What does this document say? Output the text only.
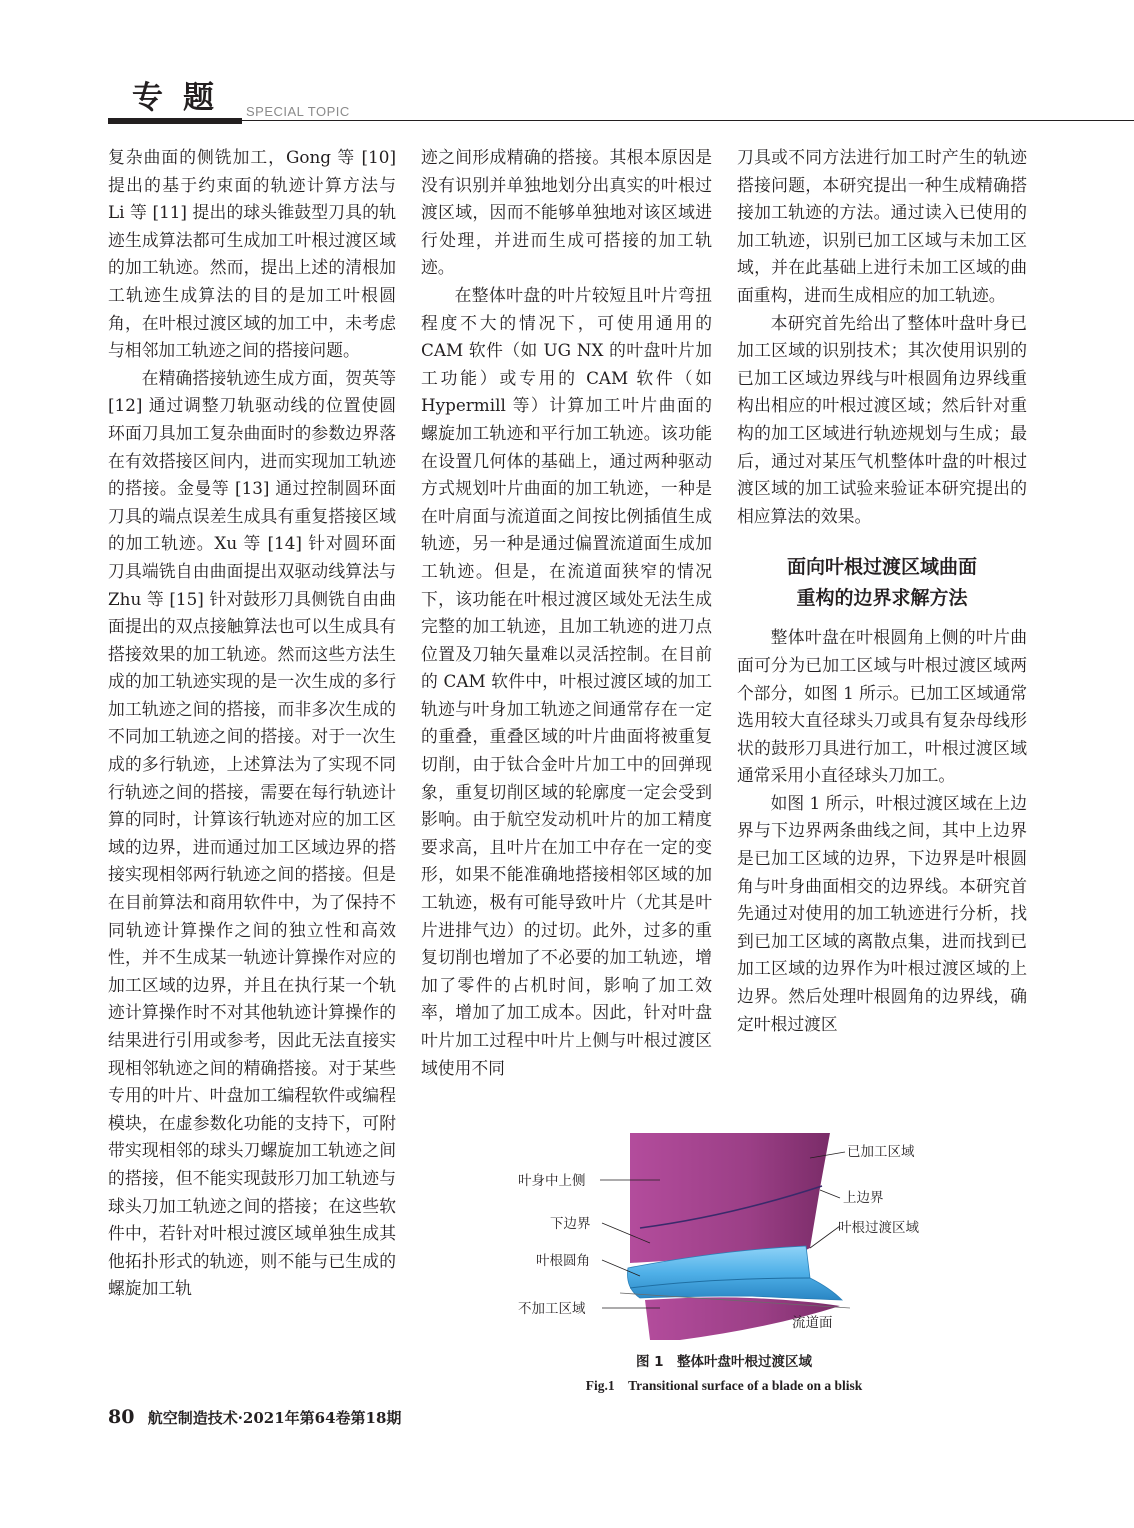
专题 SPECIAL TOPIC

复杂曲面的侧铣加工，Gong 等 [10] 提出的基于约束面的轨迹计算方法与 Li 等 [11] 提出的球头锥鼓型刀具的轨迹生成算法都可生成加工叶根过渡区域的加工轨迹。然而，提出上述的清根加工轨迹生成算法的目的是加工叶根圆角，在叶根过渡区域的加工中，未考虑与相邻加工轨迹之间的搭接问题。

在精确搭接轨迹生成方面，贺英等 [12] 通过调整刀轨驱动线的位置使圆环面刀具加工复杂曲面时的参数边界落在有效搭接区间内，进而实现加工轨迹的搭接。金曼等 [13] 通过控制圆环面刀具的端点误差生成具有重复搭接区域的加工轨迹。Xu 等 [14] 针对圆环面刀具端铣自由曲面提出双驱动线算法与 Zhu 等 [15] 针对鼓形刀具侧铣自由曲面提出的双点接触算法也可以生成具有搭接效果的加工轨迹。然而这些方法生成的加工轨迹实现的是一次生成的多行加工轨迹之间的搭接，而非多次生成的不同加工轨迹之间的搭接。对于一次生成的多行轨迹，上述算法为了实现不同行轨迹之间的搭接，需要在每行轨迹计算的同时，计算该行轨迹对应的加工区域的边界，进而通过加工区域边界的搭接实现相邻两行轨迹之间的搭接。但是在目前算法和商用软件中，为了保持不同轨迹计算操作之间的独立性和高效性，并不生成某一轨迹计算操作对应的加工区域的边界，并且在执行某一个轨迹计算操作时不对其他轨迹计算操作的结果进行引用或参考，因此无法直接实现相邻轨迹之间的精确搭接。对于某些专用的叶片、叶盘加工编程软件或编程模块，在虚参数化功能的支持下，可附带实现相邻的球头刀螺旋加工轨迹之间的搭接，但不能实现鼓形刀加工轨迹与球头刀加工轨迹之间的搭接；在这些软件中，若针对叶根过渡区域单独生成其他拓扑形式的轨迹，则不能与已生成的螺旋加工轨

迹之间形成精确的搭接。其根本原因是没有识别并单独地划分出真实的叶根过渡区域，因而不能够单独地对该区域进行处理，并进而生成可搭接的加工轨迹。

在整体叶盘的叶片较短且叶片弯扭程度不大的情况下，可使用通用的 CAM 软件（如 UG NX 的叶盘叶片加工功能）或专用的 CAM 软件（如 Hypermill 等）计算加工叶片曲面的螺旋加工轨迹和平行加工轨迹。该功能在设置几何体的基础上，通过两种驱动方式规划叶片曲面的加工轨迹，一种是在叶肩面与流道面之间按比例插值生成轨迹，另一种是通过偏置流道面生成加工轨迹。但是，在流道面狭窄的情况下，该功能在叶根过渡区域处无法生成完整的加工轨迹，且加工轨迹的进刀点位置及刀轴矢量难以灵活控制。在目前的 CAM 软件中，叶根过渡区域的加工轨迹与叶身加工轨迹之间通常存在一定的重叠，重叠区域的叶片曲面将被重复切削，由于钛合金叶片加工中的回弹现象，重复切削区域的轮廓度一定会受到影响。由于航空发动机叶片的加工精度要求高，且叶片在加工中存在一定的变形，如果不能准确地搭接相邻区域的加工轨迹，极有可能导致叶片（尤其是叶片进排气边）的过切。此外，过多的重复切削也增加了不必要的加工轨迹，增加了零件的占机时间，影响了加工效率，增加了加工成本。因此，针对叶盘叶片加工过程中叶片上侧与叶根过渡区域使用不同

刀具或不同方法进行加工时产生的轨迹搭接问题，本研究提出一种生成精确搭接加工轨迹的方法。通过读入已使用的加工轨迹，识别已加工区域与未加工区域，并在此基础上进行未加工区域的曲面重构，进而生成相应的加工轨迹。

本研究首先给出了整体叶盘叶身已加工区域的识别技术；其次使用识别的已加工区域边界线与叶根圆角边界线重构出相应的叶根过渡区域；然后针对重构的加工区域进行轨迹规划与生成；最后，通过对某压气机整体叶盘的叶根过渡区域的加工试验来验证本研究提出的相应算法的效果。

面向叶根过渡区域曲面
重构的边界求解方法

整体叶盘在叶根圆角上侧的叶片曲面可分为已加工区域与叶根过渡区域两个部分，如图 1 所示。已加工区域通常选用较大直径球头刀或具有复杂母线形状的鼓形刀具进行加工，叶根过渡区域通常采用小直径球头刀加工。

如图 1 所示，叶根过渡区域在上边界与下边界两条曲线之间，其中上边界是已加工区域的边界，下边界是叶根圆角与叶身曲面相交的边界线。本研究首先通过对使用的加工轨迹进行分析，找到已加工区域的离散点集，进而找到已加工区域的边界作为叶根过渡区域的上边界。然后处理叶根圆角的边界线，确定叶根过渡区

叶身中上侧
下边界
叶根圆角
不加工区域
已加工区域
上边界
叶根过渡区域
流道面
图 1　整体叶盘叶根过渡区域
Fig.1　Transitional surface of a blade on a blisk
80 航空制造技术·2021年第64卷第18期
